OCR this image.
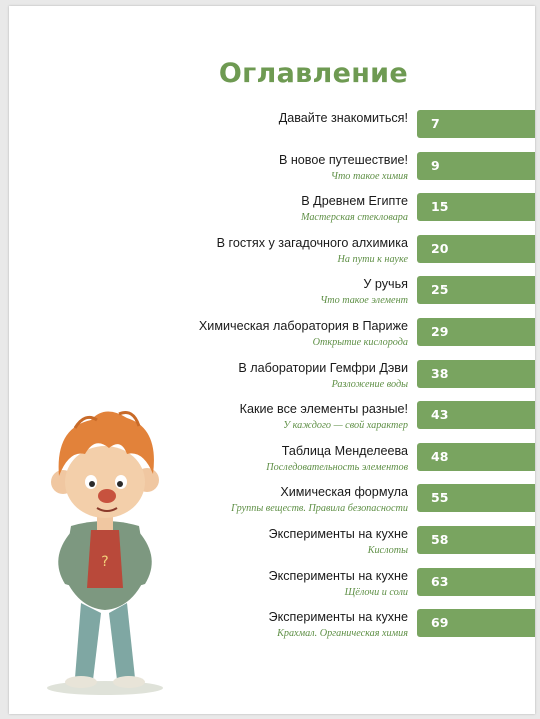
Оглавление
Давайте знакомиться! 7
В новое путешествие!
Что такое химия
9
В Древнем Египте
Мастерская стекловара
15
В гостях у загадочного алхимика
На пути к науке
20
У ручья
Что такое элемент
25
Химическая лаборатория в Париже
Открытие кислорода
29
В лаборатории Гемфри Дэви
Разложение воды
38
Какие все элементы разные!
У каждого — свой характер
43
Таблица Менделеева
Последовательность элементов
48
Химическая формула
Группы веществ. Правила безопасности
55
Эксперименты на кухне
Кислоты
58
Эксперименты на кухне
Щёлочи и соли
63
Эксперименты на кухне
Крахмал. Органическая химия
69
?
